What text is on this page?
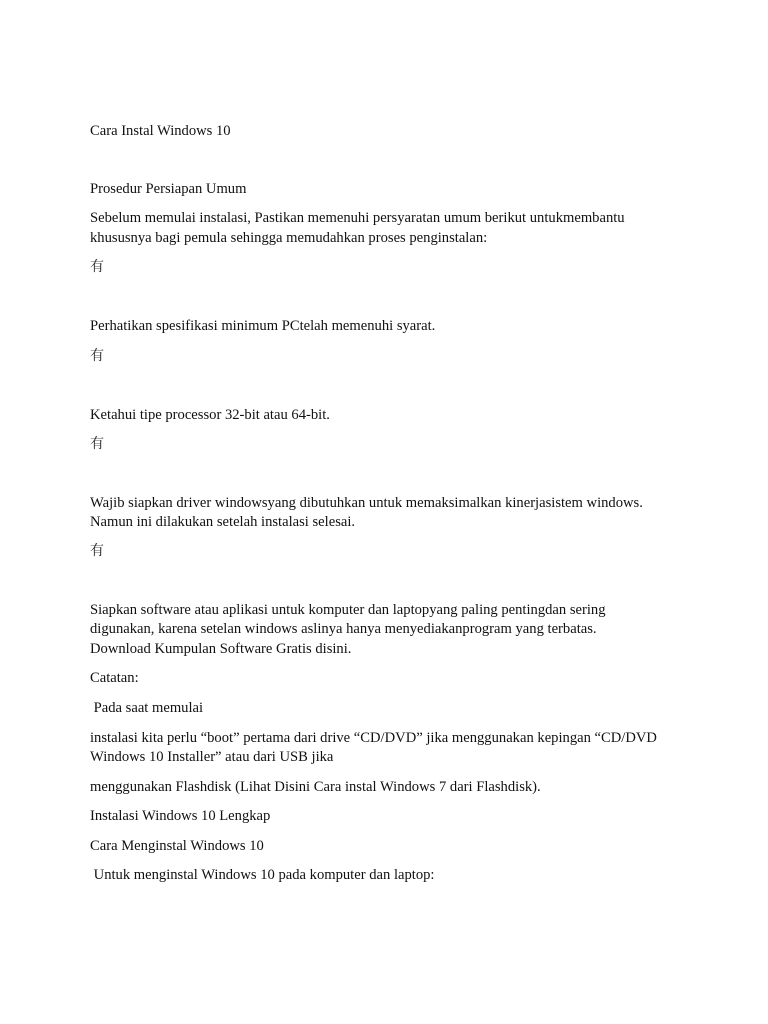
Cara Instal Windows 10

Prosedur Persiapan Umum

Sebelum memulai instalasi, Pastikan memenuhi persyaratan umum berikut untukmembantu

khususnya bagi pemula sehingga memudahkan proses penginstalan:

有

Perhatikan spesifikasi minimum PCtelah memenuhi syarat.

有

Ketahui tipe processor 32-bit atau 64-bit.

有

Wajib siapkan driver windowsyang dibutuhkan untuk memaksimalkan kinerjasistem windows.

Namun ini dilakukan setelah instalasi selesai.

有

Siapkan software atau aplikasi untuk komputer dan laptopyang paling pentingdan sering

digunakan, karena setelan windows aslinya hanya menyediakanprogram yang terbatas.

Download Kumpulan Software Gratis disini.

Catatan:

Pada saat memulai

instalasi kita perlu “boot” pertama dari drive “CD/DVD” jika menggunakan kepingan “CD/DVD

Windows 10 Installer” atau dari USB jika

menggunakan Flashdisk (Lihat Disini Cara instal Windows 7 dari Flashdisk).

Instalasi Windows 10 Lengkap

Cara Menginstal Windows 10

Untuk menginstal Windows 10 pada komputer dan laptop:
